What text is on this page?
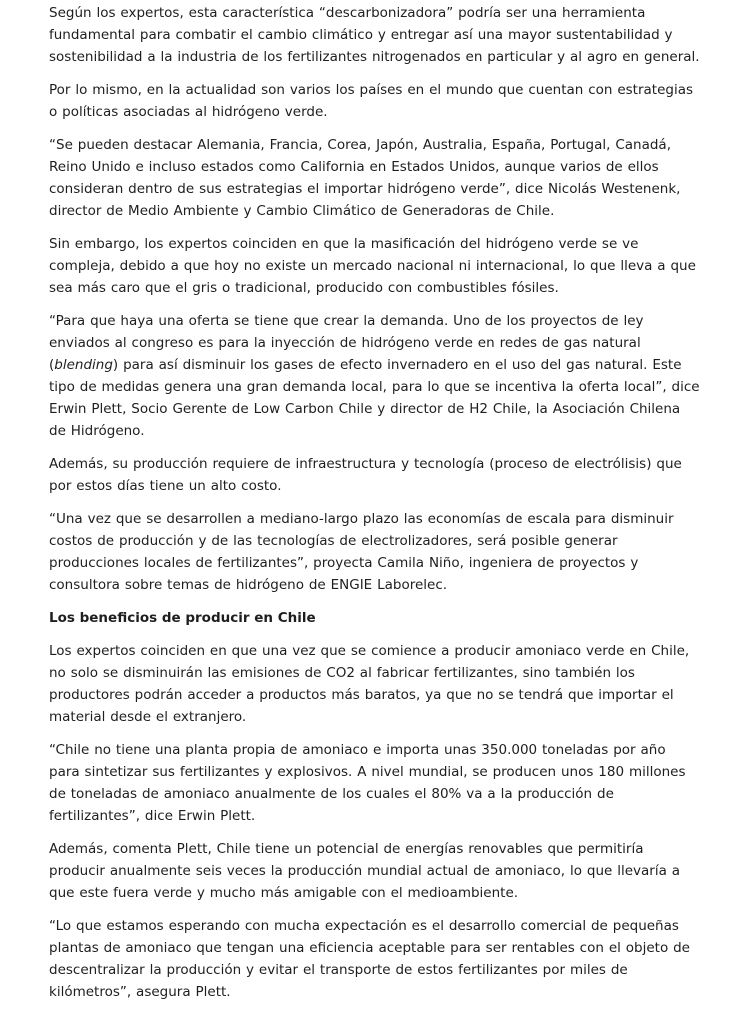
Según los expertos, esta característica “descarbonizadora” podría ser una herramienta fundamental para combatir el cambio climático y entregar así una mayor sustentabilidad y sostenibilidad a la industria de los fertilizantes nitrogenados en particular y al agro en general.

Por lo mismo, en la actualidad son varios los países en el mundo que cuentan con estrategias o políticas asociadas al hidrógeno verde.

“Se pueden destacar Alemania, Francia, Corea, Japón, Australia, España, Portugal, Canadá, Reino Unido e incluso estados como California en Estados Unidos, aunque varios de ellos consideran dentro de sus estrategias el importar hidrógeno verde”, dice Nicolás Westenenk, director de Medio Ambiente y Cambio Climático de Generadoras de Chile.

Sin embargo, los expertos coinciden en que la masificación del hidrógeno verde se ve compleja, debido a que hoy no existe un mercado nacional ni internacional, lo que lleva a que sea más caro que el gris o tradicional, producido con combustibles fósiles.

“Para que haya una oferta se tiene que crear la demanda. Uno de los proyectos de ley enviados al congreso es para la inyección de hidrógeno verde en redes de gas natural (blending) para así disminuir los gases de efecto invernadero en el uso del gas natural. Este tipo de medidas genera una gran demanda local, para lo que se incentiva la oferta local”, dice Erwin Plett, Socio Gerente de Low Carbon Chile y director de H2 Chile, la Asociación Chilena de Hidrógeno.

Además, su producción requiere de infraestructura y tecnología (proceso de electrólisis) que por estos días tiene un alto costo.

“Una vez que se desarrollen a mediano-largo plazo las economías de escala para disminuir costos de producción y de las tecnologías de electrolizadores, será posible generar producciones locales de fertilizantes”, proyecta Camila Niño, ingeniera de proyectos y consultora sobre temas de hidrógeno de ENGIE Laborelec.

Los beneficios de producir en Chile

Los expertos coinciden en que una vez que se comience a producir amoniaco verde en Chile, no solo se disminuirán las emisiones de CO2 al fabricar fertilizantes, sino también los productores podrán acceder a productos más baratos, ya que no se tendrá que importar el material desde el extranjero.

“Chile no tiene una planta propia de amoniaco e importa unas 350.000 toneladas por año para sintetizar sus fertilizantes y explosivos. A nivel mundial, se producen unos 180 millones de toneladas de amoniaco anualmente de los cuales el 80% va a la producción de fertilizantes”, dice Erwin Plett.

Además, comenta Plett, Chile tiene un potencial de energías renovables que permitiría producir anualmente seis veces la producción mundial actual de amoniaco, lo que llevaría a que este fuera verde y mucho más amigable con el medioambiente.

“Lo que estamos esperando con mucha expectación es el desarrollo comercial de pequeñas plantas de amoniaco que tengan una eficiencia aceptable para ser rentables con el objeto de descentralizar la producción y evitar el transporte de estos fertilizantes por miles de kilómetros”, asegura Plett.
